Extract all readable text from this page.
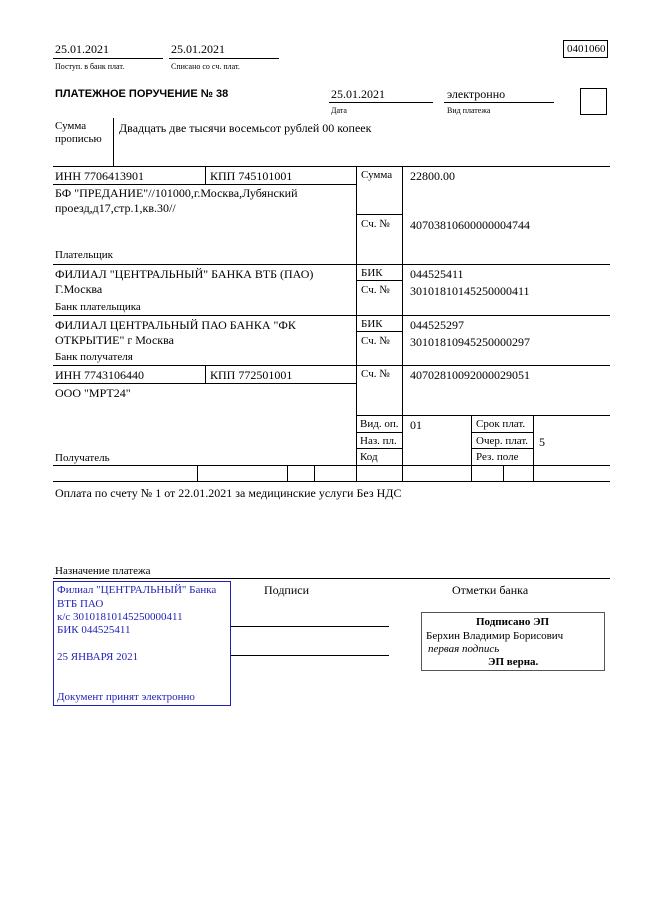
25.01.2021
Поступ. в банк плат.
25.01.2021
Списано со сч. плат.
0401060
ПЛАТЕЖНОЕ ПОРУЧЕНИЕ № 38	25.01.2021
Дата
электронно
Вид платежа
Сумма
прописью
Двадцать две тысячи восемьсот рублей 00 копеек
ИНН 7706413901	КПП 745101001
БФ "ПРЕДАНИЕ"//101000,г.Москва,Лубянский
проезд,д17,стр.1,кв.30//
Плательщик
Сумма 22800.00
Сч. № 40703810600000004744
ФИЛИАЛ "ЦЕНТРАЛЬНЫЙ" БАНКА ВТБ (ПАО)
Г.Москва
Банк плательщика
БИК 044525411
Сч. № 30101810145250000411
ФИЛИАЛ ЦЕНТРАЛЬНЫЙ ПАО БАНКА "ФК
ОТКРЫТИЕ" г Москва
Банк получателя
БИК 044525297
Сч. № 30101810945250000297
ИНН 7743106440	КПП 772501001
ООО "МРТ24"
Сч. № 40702810092000029051
Получатель
Вид. оп. 01
Наз. пл.
Код
Срок плат.
Очер. плат. 5
Рез. поле
Оплата по счету № 1 от 22.01.2021 за медицинские услуги Без НДС
Назначение платежа
Подписи	Отметки банка
Филиал "ЦЕНТРАЛЬНЫЙ" Банка
ВТБ ПАО
к/с 30101810145250000411
БИК 044525411
25 ЯНВАРЯ 2021
Документ принят электронно
Подписано ЭП
Берхин Владимир Борисович
первая подпись
ЭП верна.
